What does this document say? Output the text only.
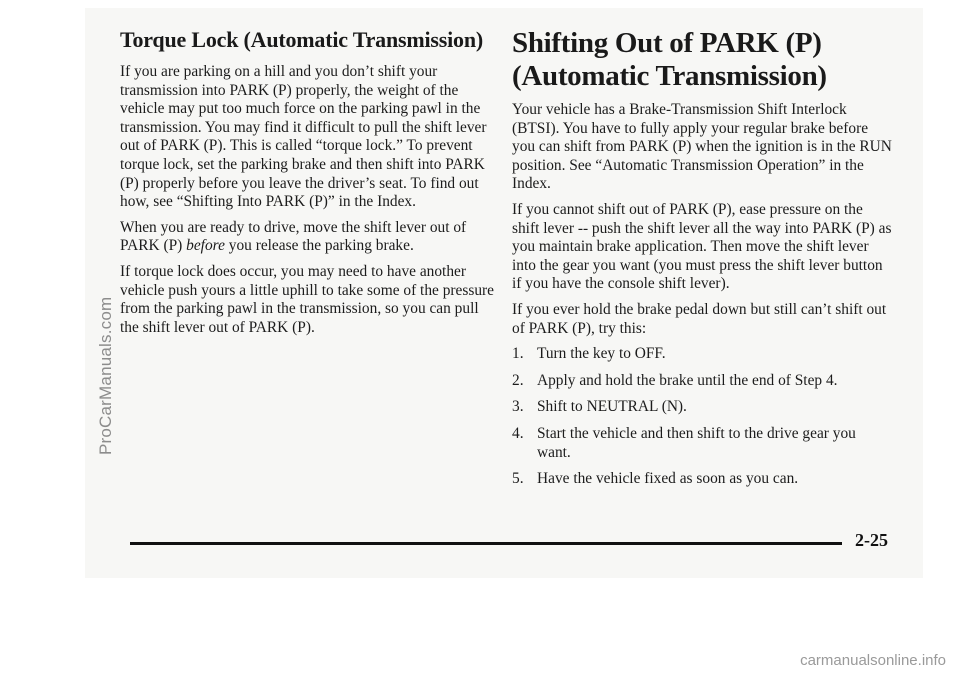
ProCarManuals.com
Torque Lock (Automatic Transmission)

If you are parking on a hill and you don’t shift your transmission into PARK (P) properly, the weight of the vehicle may put too much force on the parking pawl in the transmission. You may find it difficult to pull the shift lever out of PARK (P). This is called “torque lock.” To prevent torque lock, set the parking brake and then shift into PARK (P) properly before you leave the driver’s seat. To find out how, see “Shifting Into PARK (P)” in the Index.

When you are ready to drive, move the shift lever out of PARK (P) before you release the parking brake.

If torque lock does occur, you may need to have another vehicle push yours a little uphill to take some of the pressure from the parking pawl in the transmission, so you can pull the shift lever out of PARK (P).

Shifting Out of PARK (P) (Automatic Transmission)

Your vehicle has a Brake-Transmission Shift Interlock (BTSI). You have to fully apply your regular brake before you can shift from PARK (P) when the ignition is in the RUN position. See “Automatic Transmission Operation” in the Index.

If you cannot shift out of PARK (P), ease pressure on the shift lever -- push the shift lever all the way into PARK (P) as you maintain brake application. Then move the shift lever into the gear you want (you must press the shift lever button if you have the console shift lever).

If you ever hold the brake pedal down but still can’t shift out of PARK (P), try this:

1. Turn the key to OFF.
2. Apply and hold the brake until the end of Step 4.
3. Shift to NEUTRAL (N).
4. Start the vehicle and then shift to the drive gear you want.
5. Have the vehicle fixed as soon as you can.
2-25
carmanualsonline.info
